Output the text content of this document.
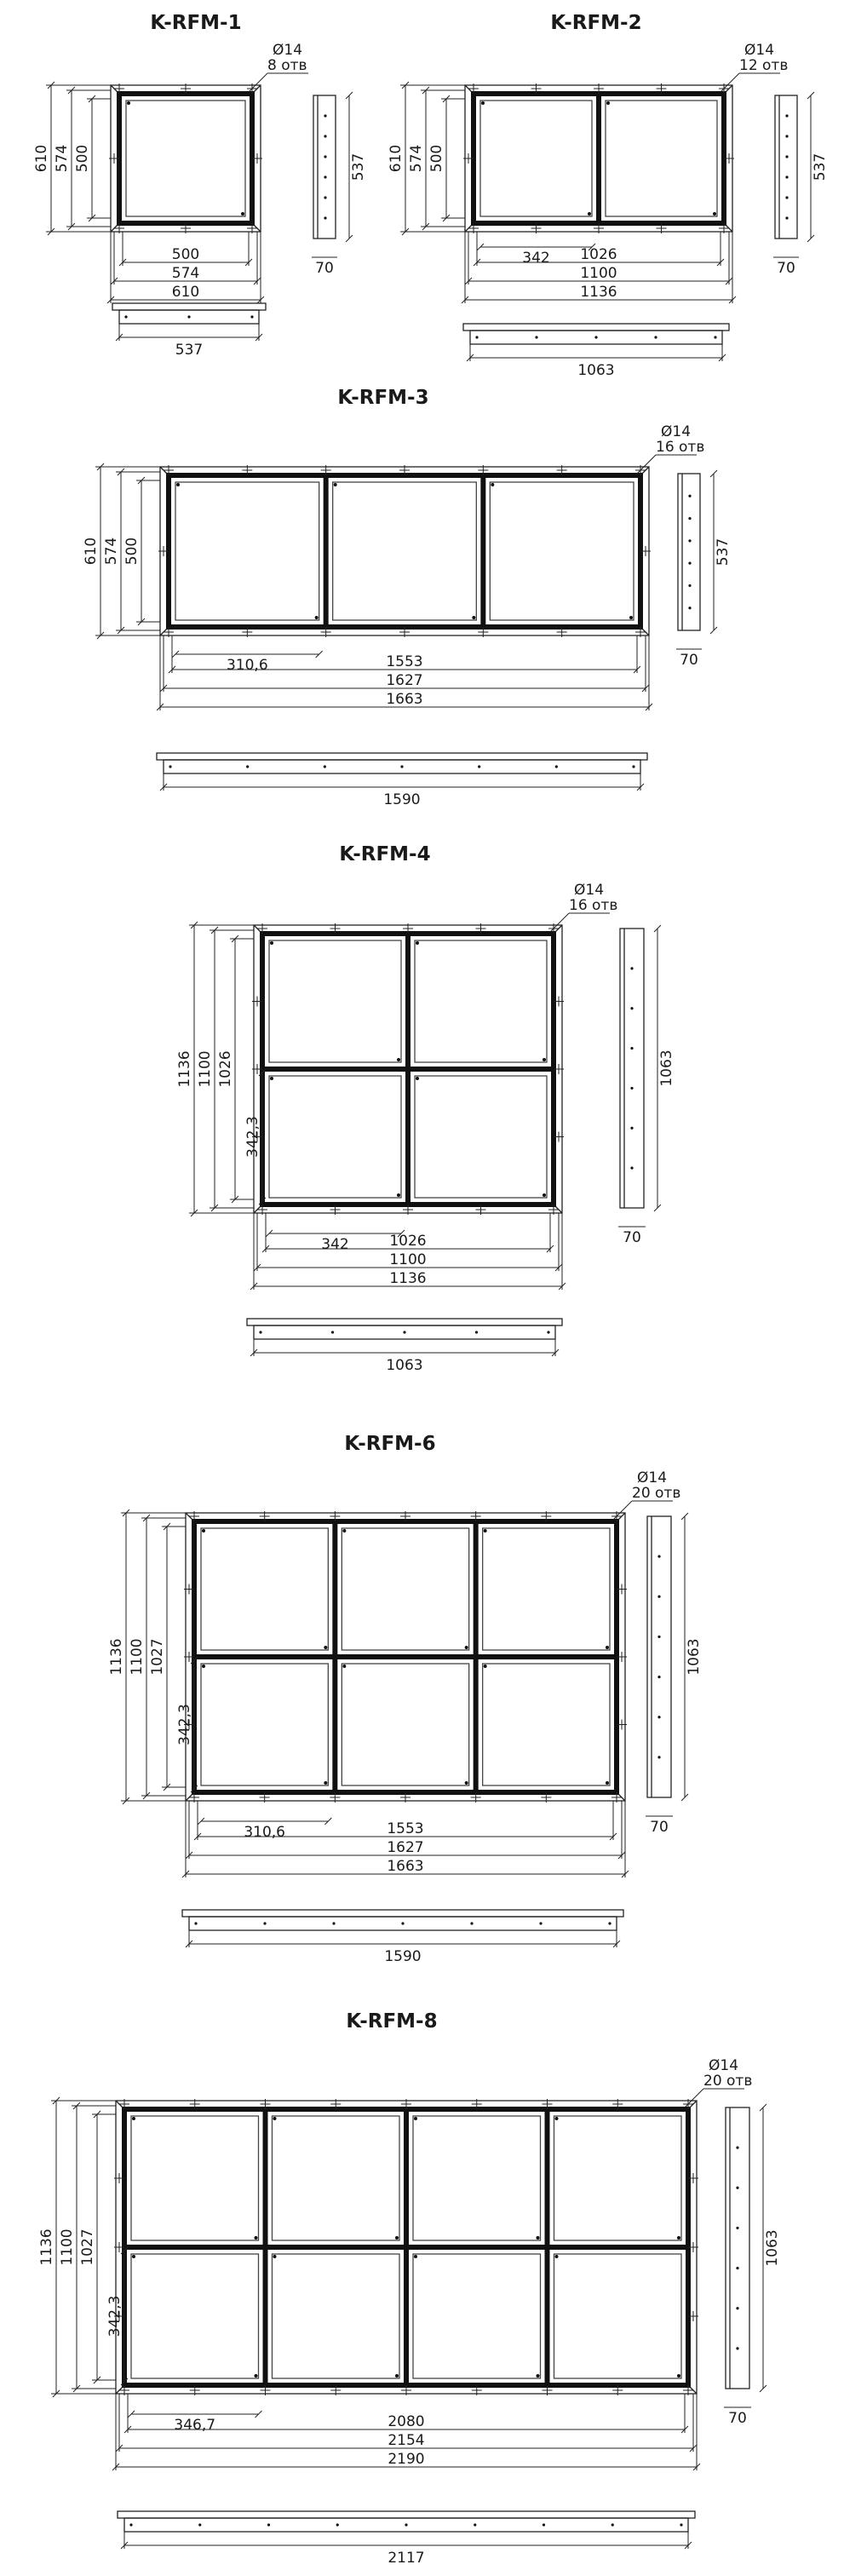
K-RFM-1
Ø14
8 отв
610 574 500
500
574
610
537
70
537
K-RFM-2
Ø14
12 отв
610 574 500
1026
1100
1136
342
537
70
1063
K-RFM-3
Ø14
16 отв
610 574 500
1553
1627
1663
310,6
537
70
1590
K-RFM-4
Ø14
16 отв
1136 1100 1026
342,3
1026
1100
1136
342
1063
70
1063
K-RFM-6
Ø14
20 отв
1136 1100 1027
342,3
1553
1627
1663
310,6
1063
70
1590
K-RFM-8
Ø14
20 отв
1136 1100 1027
342,3
2080
2154
2190
346,7
1063
70
2117
